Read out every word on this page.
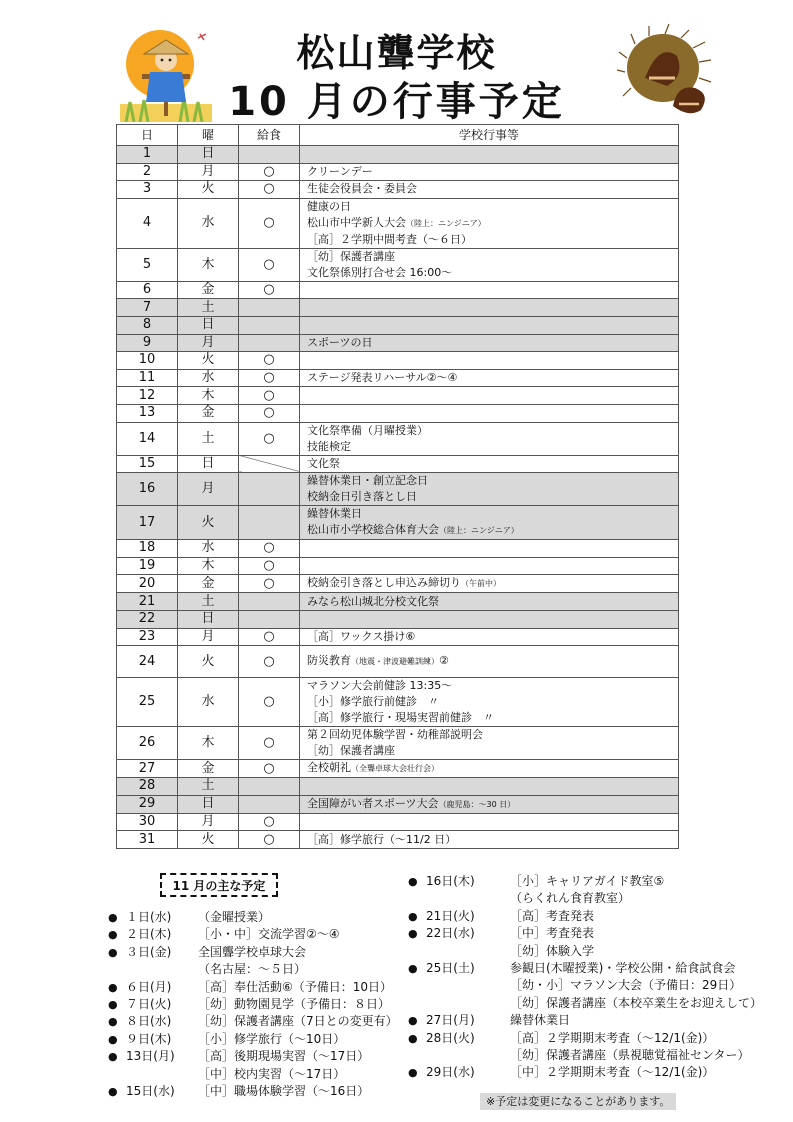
松山聾学校
10 月の行事予定
日	曜	給食	学校行事等
1	日		
2	月	○	クリーンデー

3	火	○	生徒会役員会・委員会

4	水	○	健康の日
松山市中学新人大会（陸上：ニンジニア）
［高］２学期中間考査（～６日）

5	木	○	［幼］保護者講座
文化祭係別打合せ会 16:00～

6	金	○	
7	土		
8	日		
9	月		スポーツの日

10	火	○	
11	水	○	ステージ発表リハーサル②～④

12	木	○	
13	金	○	
14	土	○	文化祭準備（月曜授業）
技能検定

15	日		文化祭

16	月		繰替休業日・創立記念日
校納金日引き落とし日

17	火		繰替休業日
松山市小学校総合体育大会（陸上：ニンジニア）

18	水	○	
19	木	○	
20	金	○	校納金引き落とし申込み締切り（午前中）

21	土		みなら松山城北分校文化祭

22	日		
23	月	○	［高］ワックス掛け⑥

24	火	○	防災教育（地震・津波避難訓練）②

25	水	○	マラソン大会前健診 13:35～
［小］修学旅行前健診　〃
［高］修学旅行・現場実習前健診　〃

26	木	○	第２回幼児体験学習・幼稚部説明会
［幼］保護者講座

27	金	○	全校朝礼（全聾卓球大会壮行会）

28	土		
29	日		全国障がい者スポーツ大会（鹿児島：～30 日）

30	月	○	
31	火	○	［高］修学旅行（～11/2 日）
11 月の主な予定
● １日(水) （金曜授業）
● ２日(木) ［小・中］交流学習②～④
● ３日(金) 全国聾学校卓球大会
（名古屋：～５日）
● ６日(月) ［高］奉仕活動⑥（予備日：10日）
● ７日(火) ［幼］動物園見学（予備日：８日）
● ８日(水) ［幼］保護者講座（7日との変更有）
● ９日(木) ［小］修学旅行（～10日）
● 13日(月) ［高］後期現場実習（～17日）
［中］校内実習（～17日）
● 15日(水) ［中］職場体験学習（～16日）
● 16日(木)	［小］キャリアガイド教室⑤
（らくれん食育教室）
● 21日(火)	［高］考査発表
● 22日(水)	［中］考査発表
［幼］体験入学
● 25日(土)	参観日(木曜授業)・学校公開・給食試食会
［幼・小］マラソン大会（予備日：29日）
［幼］保護者講座（本校卒業生をお迎えして）
● 27日(月)	繰替休業日
● 28日(火)	［高］２学期期末考査（～12/1(金)）
［幼］保護者講座（県視聴覚福祉センター）
● 29日(水)	［中］２学期期末考査（～12/1(金)）
※予定は変更になることがあります。
